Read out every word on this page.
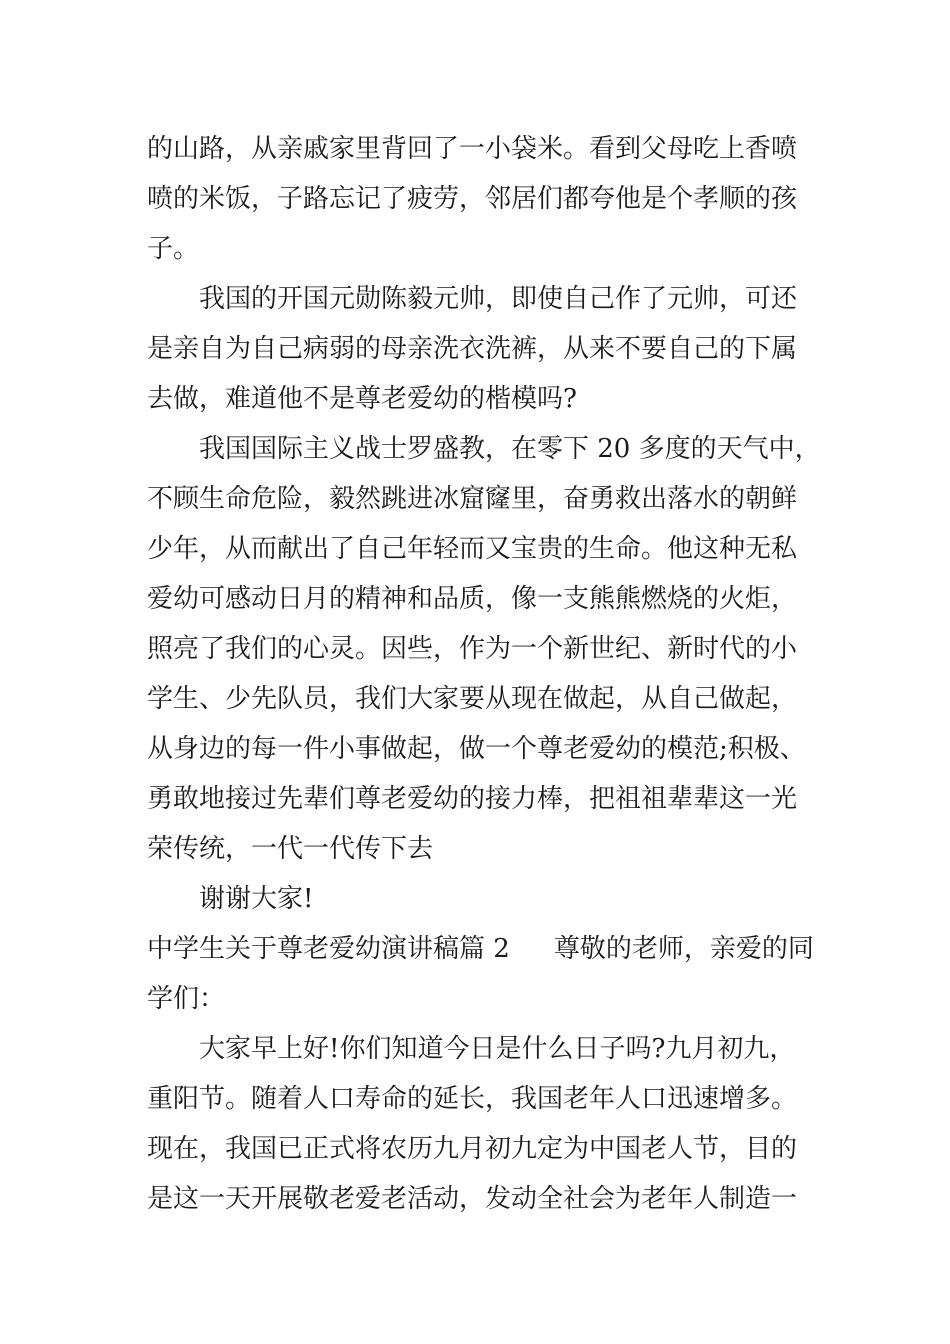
的山路，从亲戚家里背回了一小袋米。看到父母吃上香喷
喷的米饭，子路忘记了疲劳，邻居们都夸他是个孝顺的孩
子。
我国的开国元勋陈毅元帅，即使自己作了元帅，可还
是亲自为自己病弱的母亲洗衣洗裤，从来不要自己的下属
去做，难道他不是尊老爱幼的楷模吗?
我国国际主义战士罗盛教，在零下 20 多度的天气中，
不顾生命危险，毅然跳进冰窟窿里，奋勇救出落水的朝鲜
少年，从而献出了自己年轻而又宝贵的生命。他这种无私
爱幼可感动日月的精神和品质，像一支熊熊燃烧的火炬，
照亮了我们的心灵。因些，作为一个新世纪、新时代的小
学生、少先队员，我们大家要从现在做起，从自己做起，
从身边的每一件小事做起，做一个尊老爱幼的模范;积极、
勇敢地接过先辈们尊老爱幼的接力棒，把祖祖辈辈这一光
荣传统，一代一代传下去
谢谢大家!
中学生关于尊老爱幼演讲稿篇 2 尊敬的老师，亲爱的同
学们：
大家早上好!你们知道今日是什么日子吗?九月初九，
重阳节。随着人口寿命的延长，我国老年人口迅速增多。
现在，我国已正式将农历九月初九定为中国老人节，目的
是这一天开展敬老爱老活动，发动全社会为老年人制造一
